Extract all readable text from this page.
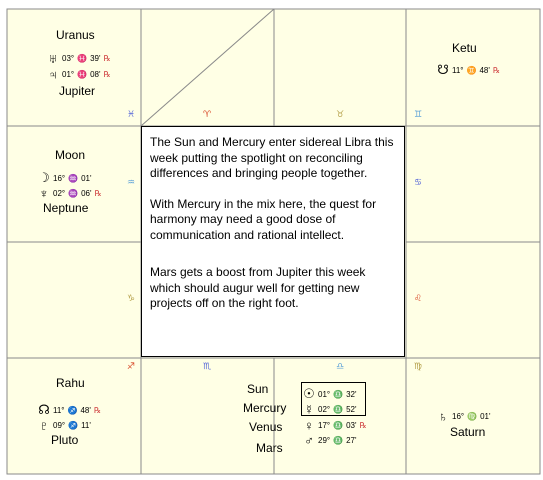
♓	♈	♉	♊
♒	♋
♑	♌
♐	♏	♎	♍
Uranus
♅ 03° ♓ 39' ℞
♃ 01° ♓ 08' ℞
Jupiter
Ketu
☋ 11° ♊ 48' ℞
Moon
☽ 16° ♒ 01'
♆ 02° ♒ 06' ℞
Neptune
Rahu
☊ 11° ♐ 48' ℞
♇ 09° ♐ 11'
Pluto
Sun
Mercury
Venus
Mars
☉ 01° ♎ 32'
☿ 02° ♎ 52'
♀ 17° ♎ 03' ℞
♂ 29° ♎ 27'
♄ 16° ♍ 01'
Saturn

The Sun and Mercury enter sidereal Libra this week putting the spotlight on reconciling differences and bringing people together.

With Mercury in the mix here, the quest for harmony may need a good dose of communication and rational intellect.

Mars gets a boost from Jupiter this week which should augur well for getting new projects off on the right foot.
